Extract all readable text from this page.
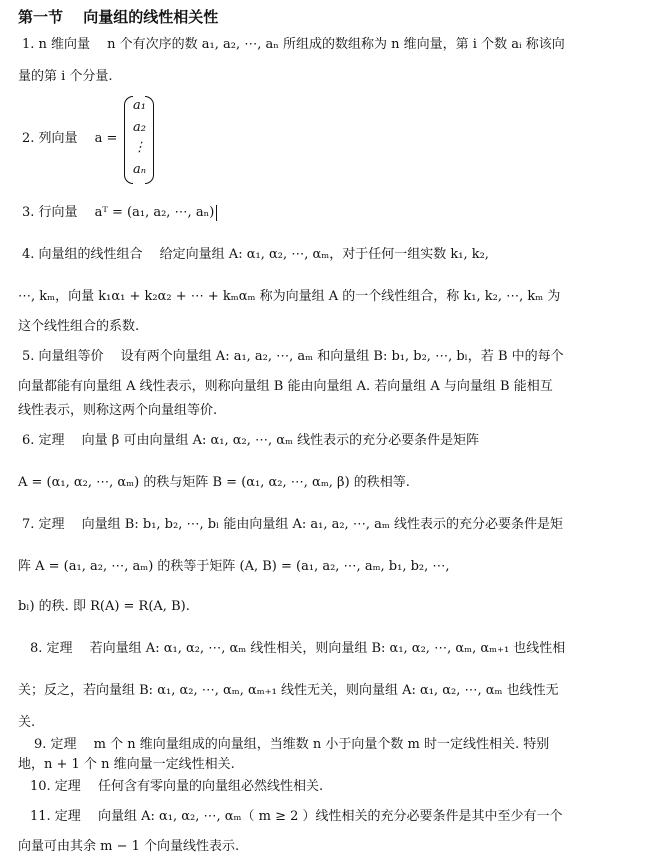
第一节　 向量组的线性相关性
1. n 维向量　 n 个有次序的数 a₁, a₂, ⋯, aₙ 所组成的数组称为 n 维向量，第 i 个数 aᵢ 称该向
量的第 i 个分量.
2. 列向量　 a =
a₁
a₂
⋮
aₙ
3. 行向量　 aᵀ = (a₁, a₂, ⋯, aₙ)
4. 向量组的线性组合　 给定向量组 A: α₁, α₂, ⋯, αₘ，对于任何一组实数 k₁, k₂,
⋯, kₘ，向量 k₁α₁ + k₂α₂ + ⋯ + kₘαₘ 称为向量组 A 的一个线性组合，称 k₁, k₂, ⋯, kₘ 为
这个线性组合的系数.
5. 向量组等价　 设有两个向量组 A: a₁, a₂, ⋯, aₘ 和向量组 B: b₁, b₂, ⋯, bₗ，若 B 中的每个
向量都能有向量组 A 线性表示，则称向量组 B 能由向量组 A. 若向量组 A 与向量组 B 能相互
线性表示，则称这两个向量组等价.
6. 定理　 向量 β 可由向量组 A: α₁, α₂, ⋯, αₘ 线性表示的充分必要条件是矩阵
A = (α₁, α₂, ⋯, αₘ) 的秩与矩阵 B = (α₁, α₂, ⋯, αₘ, β) 的秩相等.
7. 定理　 向量组 B: b₁, b₂, ⋯, bₗ 能由向量组 A: a₁, a₂, ⋯, aₘ 线性表示的充分必要条件是矩
阵 A = (a₁, a₂, ⋯, aₘ) 的秩等于矩阵 (A, B) = (a₁, a₂, ⋯, aₘ, b₁, b₂, ⋯,
bₗ) 的秩. 即 R(A) = R(A, B).
8. 定理　 若向量组 A: α₁, α₂, ⋯, αₘ 线性相关，则向量组 B: α₁, α₂, ⋯, αₘ, αₘ₊₁ 也线性相
关；反之，若向量组 B: α₁, α₂, ⋯, αₘ, αₘ₊₁ 线性无关，则向量组 A: α₁, α₂, ⋯, αₘ 也线性无
关.
9. 定理　 m 个 n 维向量组成的向量组，当维数 n 小于向量个数 m 时一定线性相关. 特别
地，n + 1 个 n 维向量一定线性相关.
10. 定理　 任何含有零向量的向量组必然线性相关.
11. 定理　 向量组 A: α₁, α₂, ⋯, αₘ（ m ≥ 2 ）线性相关的充分必要条件是其中至少有一个
向量可由其余 m − 1 个向量线性表示.
